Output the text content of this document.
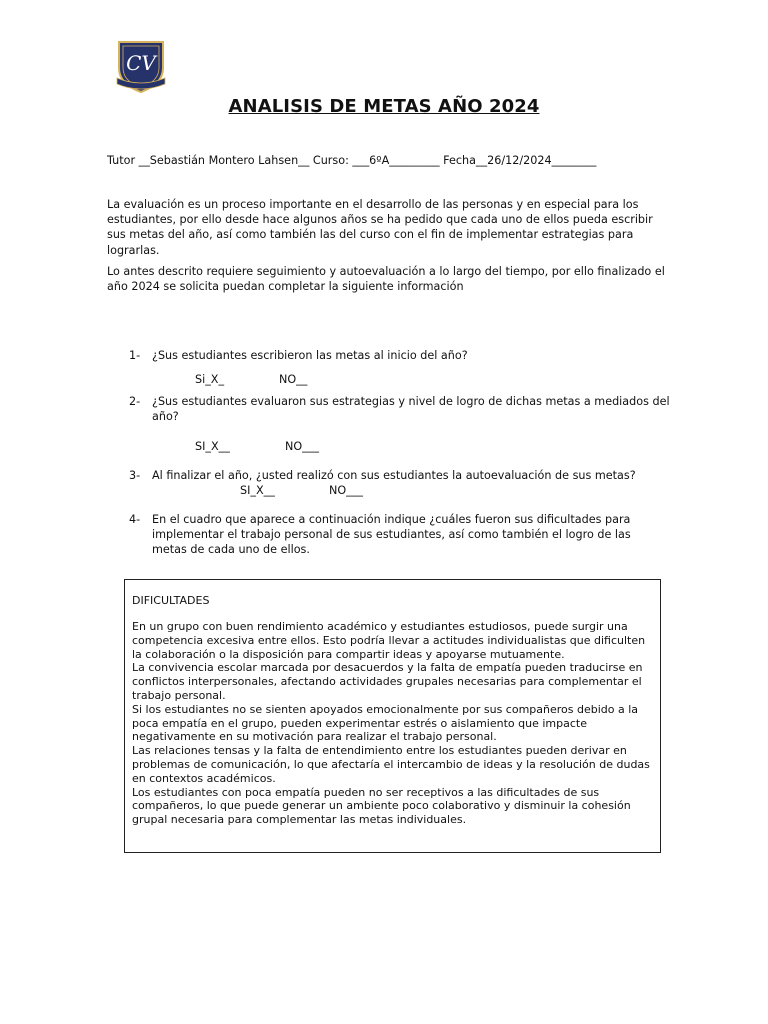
CV
ANALISIS DE METAS AÑO 2024
Tutor __Sebastián Montero Lahsen__ Curso: ___6ºA_________ Fecha__26/12/2024________
La evaluación es un proceso importante en el desarrollo de las personas y en especial para los estudiantes, por ello desde hace algunos años se ha pedido que cada uno de ellos pueda escribir sus metas del año, así como también las del curso con el fin de implementar estrategias para lograrlas.
Lo antes descrito requiere seguimiento y autoevaluación a lo largo del tiempo, por ello finalizado el año 2024 se solicita puedan completar la siguiente información
1- ¿Sus estudiantes escribieron las metas al inicio del año?
Si_X_	NO__
2- ¿Sus estudiantes evaluaron sus estrategias y nivel de logro de dichas metas a mediados del año?
SI_X__	NO___
3- Al finalizar el año, ¿usted realizó con sus estudiantes la autoevaluación de sus metas?
SI_X__	NO___
4- En el cuadro que aparece a continuación indique ¿cuáles fueron sus dificultades para implementar el trabajo personal de sus estudiantes, así como también el logro de las metas de cada uno de ellos.
DIFICULTADES
En un grupo con buen rendimiento académico y estudiantes estudiosos, puede surgir una competencia excesiva entre ellos. Esto podría llevar a actitudes individualistas que dificulten la colaboración o la disposición para compartir ideas y apoyarse mutuamente.
La convivencia escolar marcada por desacuerdos y la falta de empatía pueden traducirse en conflictos interpersonales, afectando actividades grupales necesarias para complementar el trabajo personal.
Si los estudiantes no se sienten apoyados emocionalmente por sus compañeros debido a la poca empatía en el grupo, pueden experimentar estrés o aislamiento que impacte negativamente en su motivación para realizar el trabajo personal.
Las relaciones tensas y la falta de entendimiento entre los estudiantes pueden derivar en problemas de comunicación, lo que afectaría el intercambio de ideas y la resolución de dudas en contextos académicos.
Los estudiantes con poca empatía pueden no ser receptivos a las dificultades de sus compañeros, lo que puede generar un ambiente poco colaborativo y disminuir la cohesión grupal necesaria para complementar las metas individuales.
